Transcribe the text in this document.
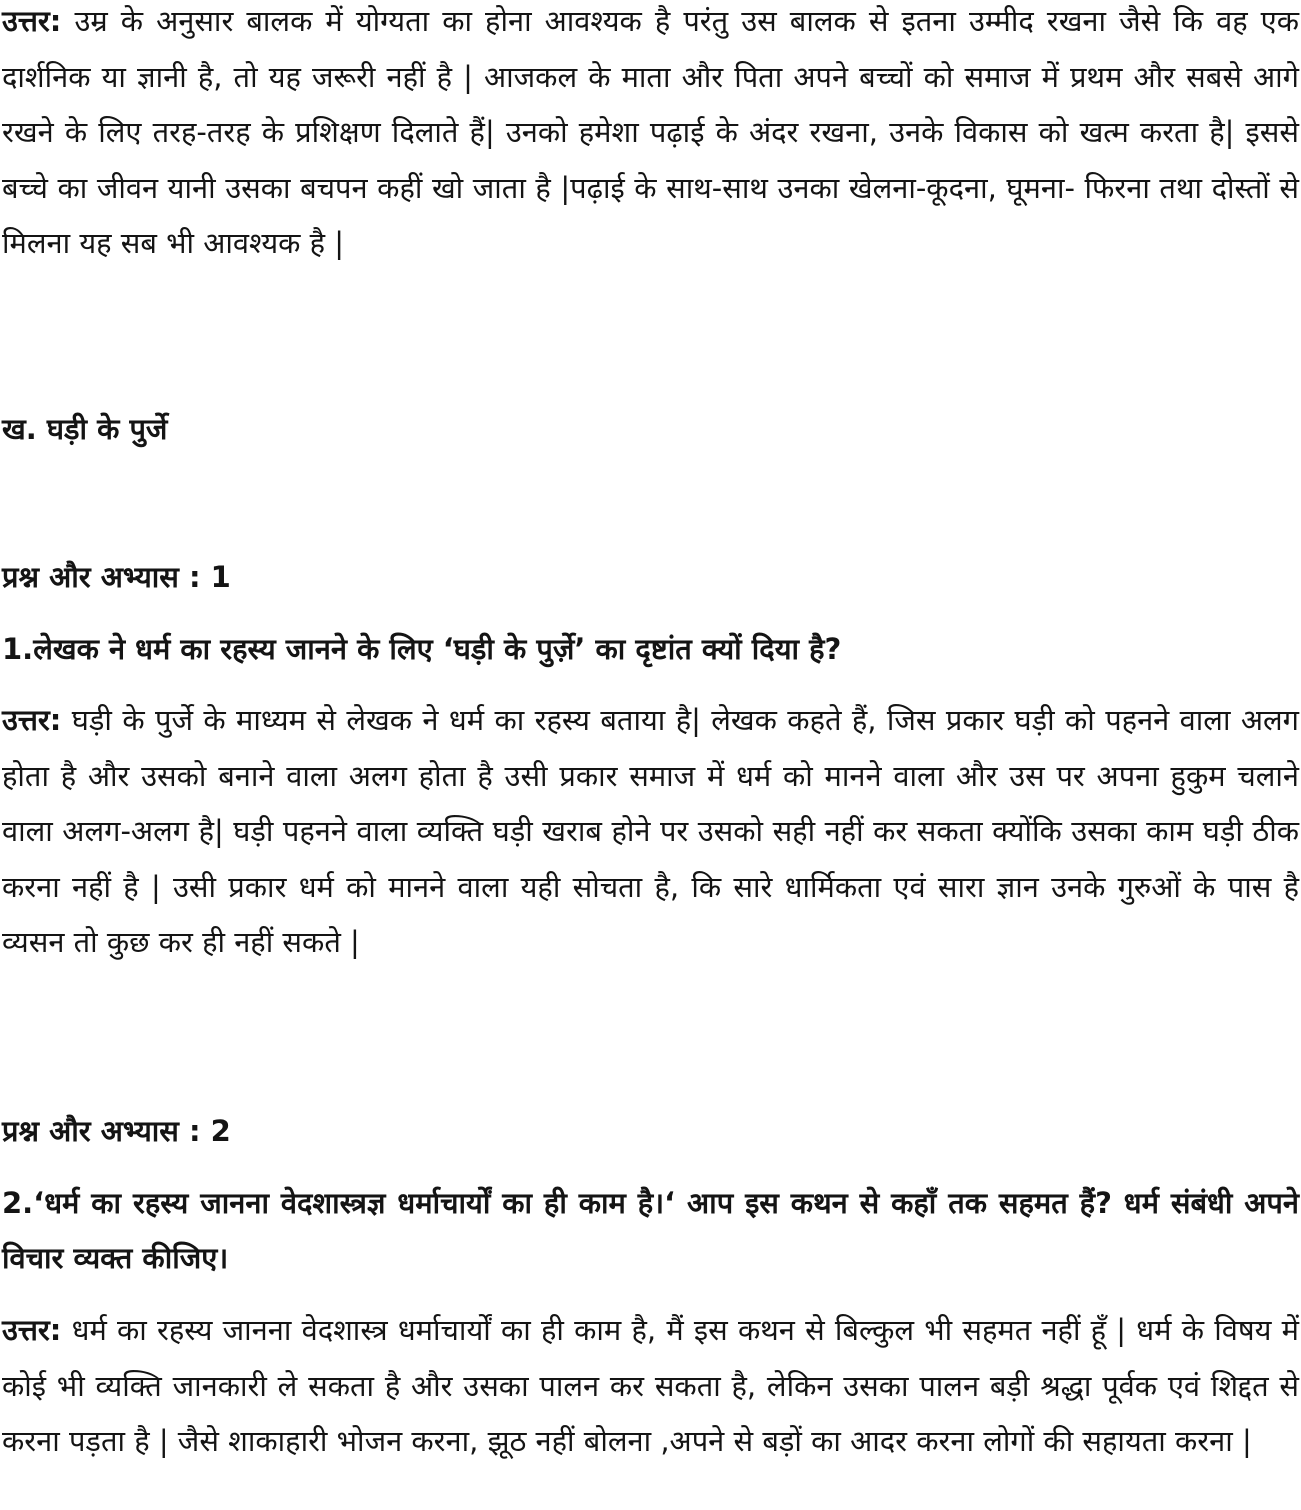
उत्तर: उम्र के अनुसार बालक में योग्यता का होना आवश्यक है परंतु उस बालक से इतना उम्मीद रखना जैसे कि वह एक दार्शनिक या ज्ञानी है, तो यह जरूरी नहीं है | आजकल के माता और पिता अपने बच्चों को समाज में प्रथम और सबसे आगे रखने के लिए तरह-तरह के प्रशिक्षण दिलाते हैं| उनको हमेशा पढ़ाई के अंदर रखना, उनके विकास को खत्म करता है| इससे बच्चे का जीवन यानी उसका बचपन कहीं खो जाता है |पढ़ाई के साथ-साथ उनका खेलना-कूदना, घूमना- फिरना तथा दोस्तों से मिलना यह सब भी आवश्यक है |

ख. घड़ी के पुर्जे
प्रश्न और अभ्यास : 1

1.लेखक ने धर्म का रहस्य जानने के लिए ‘घड़ी के पुर्ज़े’ का दृष्टांत क्यों दिया है?

उत्तर: घड़ी के पुर्जे के माध्यम से लेखक ने धर्म का रहस्य बताया है| लेखक कहते हैं, जिस प्रकार घड़ी को पहनने वाला अलग होता है और उसको बनाने वाला अलग होता है उसी प्रकार समाज में धर्म को मानने वाला और उस पर अपना हुकुम चलाने वाला अलग-अलग है| घड़ी पहनने वाला व्यक्ति घड़ी खराब होने पर उसको सही नहीं कर सकता क्योंकि उसका काम घड़ी ठीक करना नहीं है | उसी प्रकार धर्म को मानने वाला यही सोचता है, कि सारे धार्मिकता एवं सारा ज्ञान उनके गुरुओं के पास है व्यसन तो कुछ कर ही नहीं सकते |

प्रश्न और अभ्यास : 2

2.‘धर्म का रहस्य जानना वेदशास्त्रज्ञ धर्माचार्यों का ही काम है।‘ आप इस कथन से कहाँ तक सहमत हैं? धर्म संबंधी अपने विचार व्यक्त कीजिए।

उत्तर: धर्म का रहस्य जानना वेदशास्त्र धर्माचार्यों का ही काम है, मैं इस कथन से बिल्कुल भी सहमत नहीं हूँ | धर्म के विषय में कोई भी व्यक्ति जानकारी ले सकता है और उसका पालन कर सकता है, लेकिन उसका पालन बड़ी श्रद्धा पूर्वक एवं शिद्दत से करना पड़ता है | जैसे शाकाहारी भोजन करना, झूठ नहीं बोलना ,अपने से बड़ों का आदर करना लोगों की सहायता करना |
